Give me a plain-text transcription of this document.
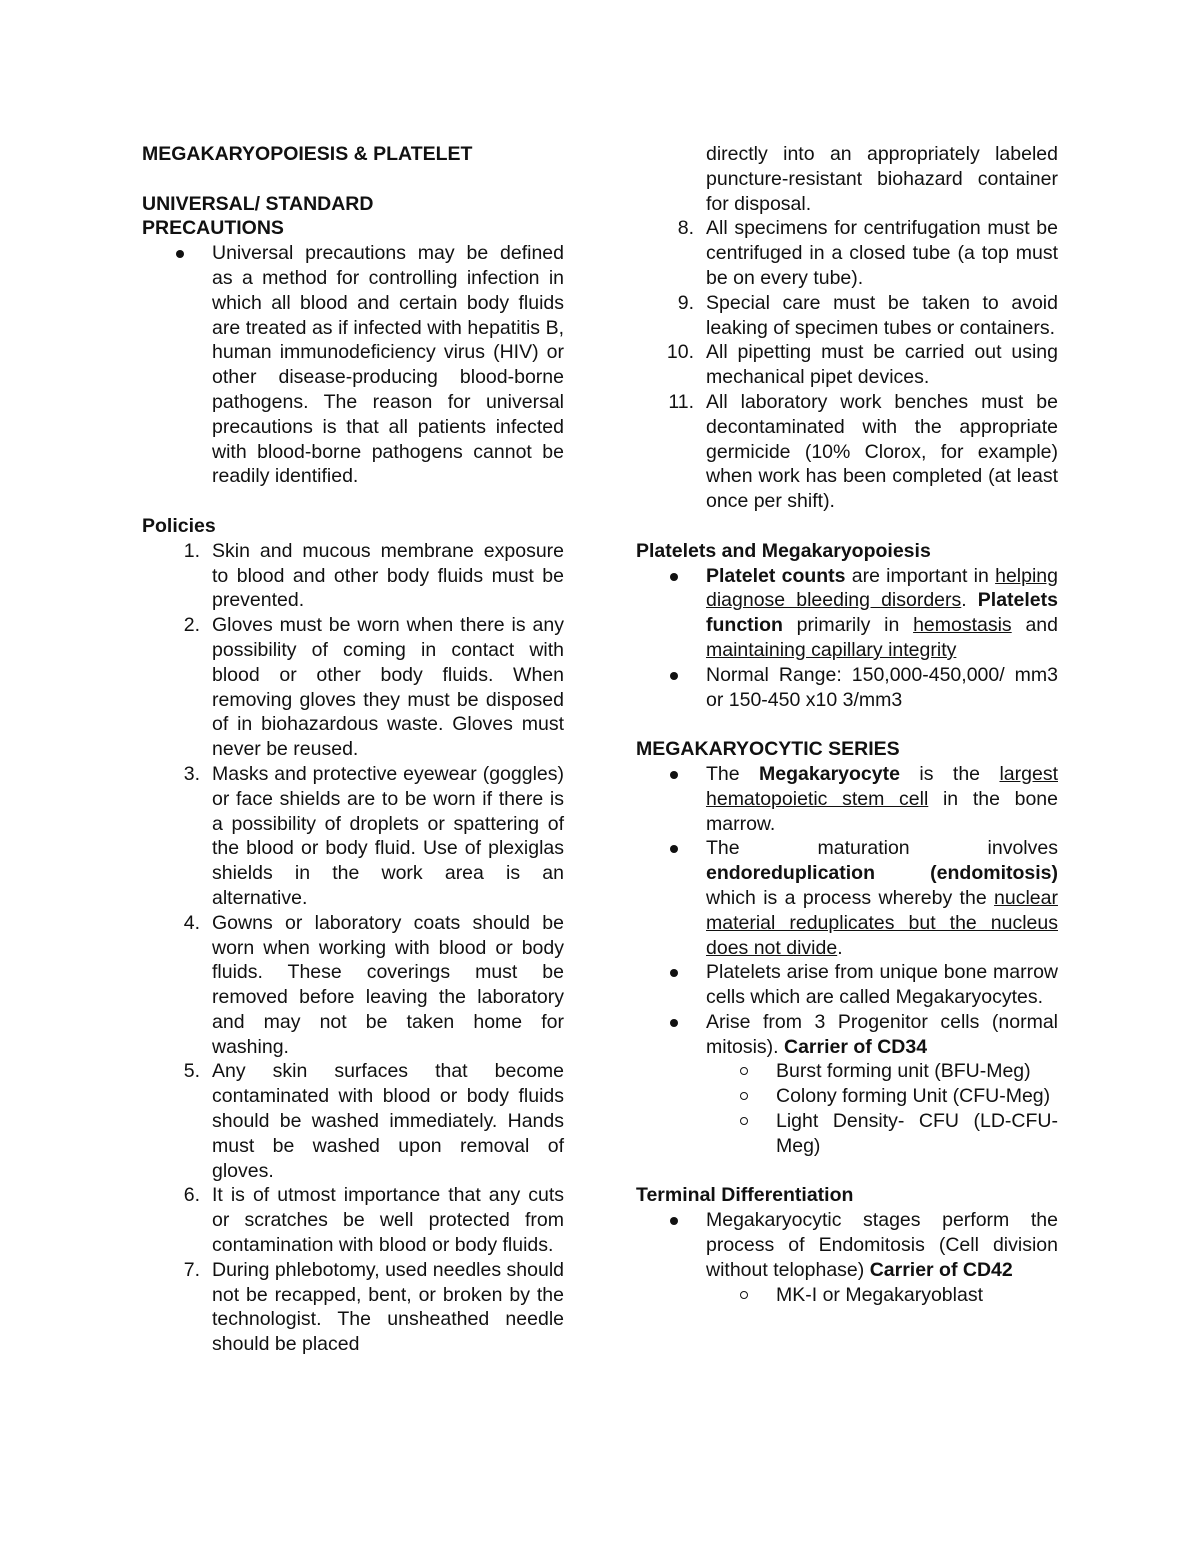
MEGAKARYOPOIESIS & PLATELET
UNIVERSAL/ STANDARD
PRECAUTIONS
Universal precautions may be defined as a method for controlling infection in which all blood and certain body fluids are treated as if infected with hepatitis B, human immunodeficiency virus (HIV) or other disease-producing blood-borne pathogens. The reason for universal precautions is that all patients infected with blood-borne pathogens cannot be readily identified.
Policies
1. Skin and mucous membrane exposure to blood and other body fluids must be prevented.
2. Gloves must be worn when there is any possibility of coming in contact with blood or other body fluids. When removing gloves they must be disposed of in biohazardous waste. Gloves must never be reused.
3. Masks and protective eyewear (goggles) or face shields are to be worn if there is a possibility of droplets or spattering of the blood or body fluid. Use of plexiglas shields in the work area is an alternative.
4. Gowns or laboratory coats should be worn when working with blood or body fluids. These coverings must be removed before leaving the laboratory and may not be taken home for washing.
5. Any skin surfaces that become contaminated with blood or body fluids should be washed immediately. Hands must be washed upon removal of gloves.
6. It is of utmost importance that any cuts or scratches be well protected from contamination with blood or body fluids.
7. During phlebotomy, used needles should not be recapped, bent, or broken by the technologist. The unsheathed needle should be placed
directly into an appropriately labeled puncture-resistant biohazard container for disposal.
8. All specimens for centrifugation must be centrifuged in a closed tube (a top must be on every tube).
9. Special care must be taken to avoid leaking of specimen tubes or containers.
10. All pipetting must be carried out using mechanical pipet devices.
11. All laboratory work benches must be decontaminated with the appropriate germicide (10% Clorox, for example) when work has been completed (at least once per shift).
Platelets and Megakaryopoiesis
Platelet counts are important in helping diagnose bleeding disorders. Platelets function primarily in hemostasis and maintaining capillary integrity
Normal Range: 150,000-450,000/ mm3 or 150-450 x10 3/mm3
MEGAKARYOCYTIC SERIES
The Megakaryocyte is the largest hematopoietic stem cell in the bone marrow.
The maturation involves endoreduplication (endomitosis) which is a process whereby the nuclear material reduplicates but the nucleus does not divide.
Platelets arise from unique bone marrow cells which are called Megakaryocytes.
Arise from 3 Progenitor cells (normal mitosis). Carrier of CD34
Burst forming unit (BFU-Meg)
Colony forming Unit (CFU-Meg)
Light Density- CFU (LD-CFU-Meg)
Terminal Differentiation
Megakaryocytic stages perform the process of Endomitosis (Cell division without telophase) Carrier of CD42
MK-I or Megakaryoblast
